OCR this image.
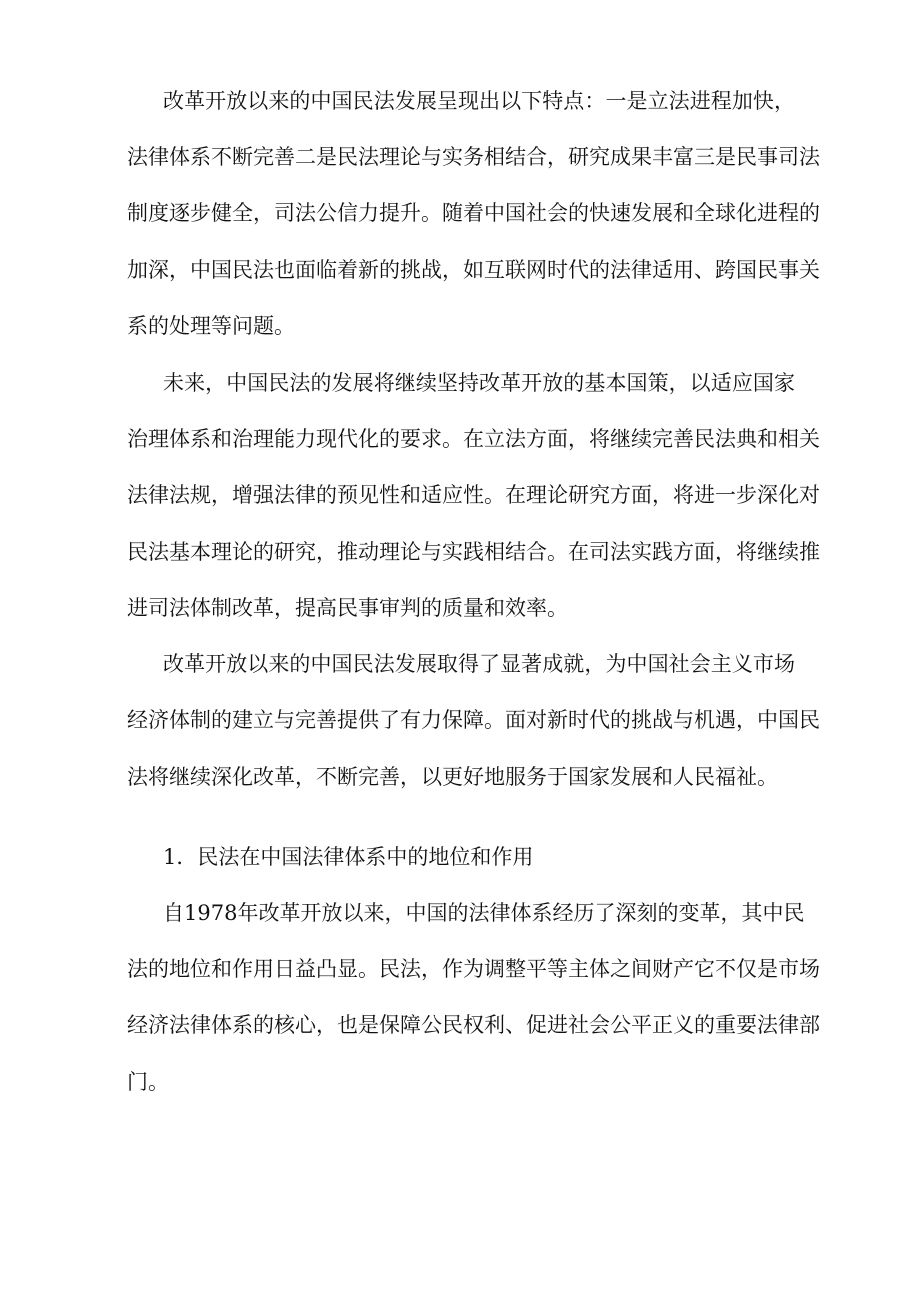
改革开放以来的中国民法发展呈现出以下特点：一是立法进程加快，
法律体系不断完善二是民法理论与实务相结合，研究成果丰富三是民事司法
制度逐步健全，司法公信力提升。随着中国社会的快速发展和全球化进程的
加深，中国民法也面临着新的挑战，如互联网时代的法律适用、跨国民事关
系的处理等问题。
未来，中国民法的发展将继续坚持改革开放的基本国策，以适应国家
治理体系和治理能力现代化的要求。在立法方面，将继续完善民法典和相关
法律法规，增强法律的预见性和适应性。在理论研究方面，将进一步深化对
民法基本理论的研究，推动理论与实践相结合。在司法实践方面，将继续推
进司法体制改革，提高民事审判的质量和效率。
改革开放以来的中国民法发展取得了显著成就，为中国社会主义市场
经济体制的建立与完善提供了有力保障。面对新时代的挑战与机遇，中国民
法将继续深化改革，不断完善，以更好地服务于国家发展和人民福祉。
1．民法在中国法律体系中的地位和作用
自1978年改革开放以来，中国的法律体系经历了深刻的变革，其中民
法的地位和作用日益凸显。民法，作为调整平等主体之间财产它不仅是市场
经济法律体系的核心，也是保障公民权利、促进社会公平正义的重要法律部
门。
